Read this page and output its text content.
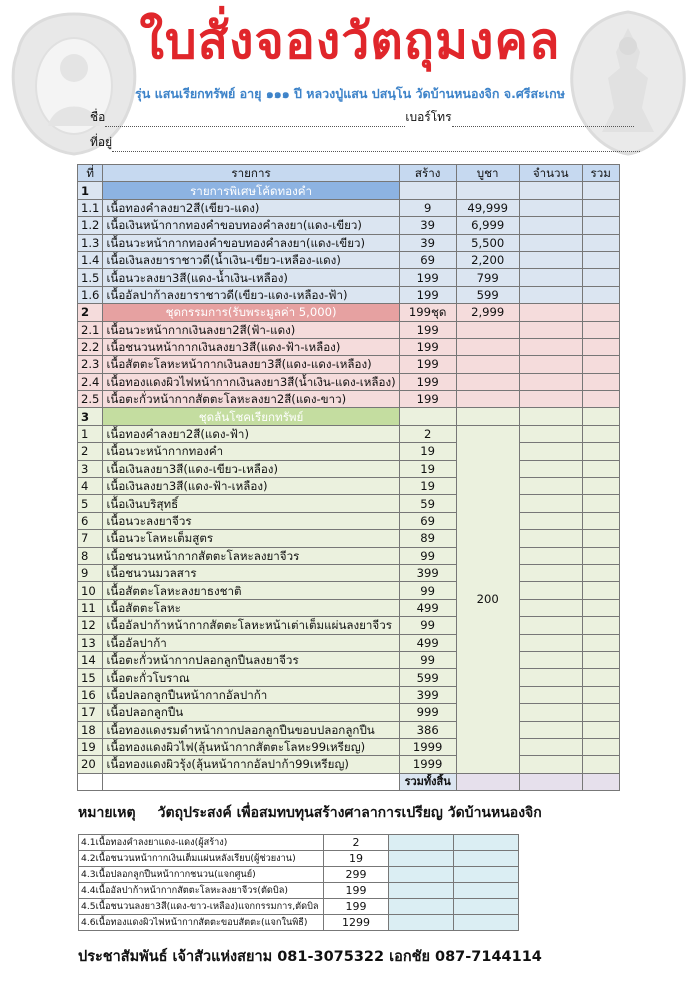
ใบสั่งจองวัตถุมงคล
รุ่น แสนเรียกทรัพย์ อายุ ๑๑๑ ปี หลวงปู่แสน ปสนฺโน วัดบ้านหนองจิก จ.ศรีสะเกษ
ชื่อ	เบอร์โทร
ที่อยู่
ที่	รายการ	สร้าง	บูชา	จำนวน	รวม
1	รายการพิเศษโค้ดทองคำ				
1.1	เนื้อทองคำลงยา2สี(เขียว-แดง)	9	49,999		
1.2	เนื้อเงินหน้ากากทองคำขอบทองคำลงยา(แดง-เขียว)	39	6,999		
1.3	เนื้อนวะหน้ากากทองคำขอบทองคำลงยา(แดง-เขียว)	39	5,500		
1.4	เนื้อเงินลงยาราชาวดี(น้ำเงิน-เขียว-เหลือง-แดง)	69	2,200		
1.5	เนื้อนวะลงยา3สี(แดง-น้ำเงิน-เหลือง)	199	799		
1.6	เนื้ออัลปาก้าลงยาราชาวดี(เขียว-แดง-เหลือง-ฟ้า)	199	599		
2	ชุดกรรมการ(รับพระมูลค่า 5,000)	199ชุด	2,999		
2.1	เนื้อนวะหน้ากากเงินลงยา2สี(ฟ้า-แดง)	199			
2.2	เนื้อชนวนหน้ากากเงินลงยา3สี(แดง-ฟ้า-เหลือง)	199			
2.3	เนื้อสัตตะโลหะหน้ากากเงินลงยา3สี(แดง-แดง-เหลือง)	199			
2.4	เนื้อทองแดงผิวไฟหน้ากากเงินลงยา3สี(น้ำเงิน-แดง-เหลือง)	199			
2.5	เนื้อตะกั่วหน้ากากสัตตะโลหะลงยา2สี(แดง-ขาว)	199			
3	ชุดลันโชคเรียกทรัพย์				
1	เนื้อทองคำลงยา2สี(แดง-ฟ้า)	2	200		
2	เนื้อนวะหน้ากากทองคำ	19			
3	เนื้อเงินลงยา3สี(แดง-เขียว-เหลือง)	19			
4	เนื้อเงินลงยา3สี(แดง-ฟ้า-เหลือง)	19			
5	เนื้อเงินบริสุทธิ์	59			
6	เนื้อนวะลงยาจีวร	69			
7	เนื้อนวะโลหะเต็มสูตร	89			
8	เนื้อชนวนหน้ากากสัตตะโลหะลงยาจีวร	99			
9	เนื้อชนวนมวลสาร	399			
10	เนื้อสัตตะโลหะลงยาธงชาติ	99			
11	เนื้อสัตตะโลหะ	499			
12	เนื้ออัลปาก้าหน้ากากสัตตะโลหะหน้าเต่าเต็มแผ่นลงยาจีวร	99			
13	เนื้ออัลปาก้า	499			
14	เนื้อตะกั่วหน้ากากปลอกลูกปืนลงยาจีวร	99			
15	เนื้อตะกั่วโบราณ	599			
16	เนื้อปลอกลูกปืนหน้ากากอัลปาก้า	399			
17	เนื้อปลอกลูกปืน	999			
18	เนื้อทองแดงรมดำหน้ากากปลอกลูกปืนขอบปลอกลูกปืน	386			
19	เนื้อทองแดงผิวไฟ(ลุ้นหน้ากากสัตตะโลหะ99เหรียญ)	1999			
20	เนื้อทองแดงผิวรุ้ง(ลุ้นหน้ากากอัลปาก้า99เหรียญ)	1999			
		รวมทั้งสิ้น			
หมายเหตุ วัตถุประสงค์ เพื่อสมทบทุนสร้างศาลาการเปรียญ วัดบ้านหนองจิก
4.1เนื้อทองคำลงยาแดง-แดง(ผู้สร้าง)	2		
4.2เนื้อชนวนหน้ากากเงินเต็มแผ่นหลังเรียบ(ผู้ช่วยงาน)	19		
4.3เนื้อปลอกลูกปืนหน้ากากชนวน(แจกศูนย์)	299		
4.4เนื้ออัลปาก้าหน้ากากสัตตะโลหะลงยาจีวร(ตัดบิล)	199		
4.5เนื้อชนวนลงยา3สี(แดง-ขาว-เหลือง)แจกกรรมการ,ตัดบิล	199		
4.6เนื้อทองแดงผิวไฟหน้ากากสัตตะขอบสัตตะ(แจกในพิธี)	1299		
ประชาสัมพันธ์ เจ้าสัวแห่งสยาม 081-3075322 เอกชัย 087-7144114
